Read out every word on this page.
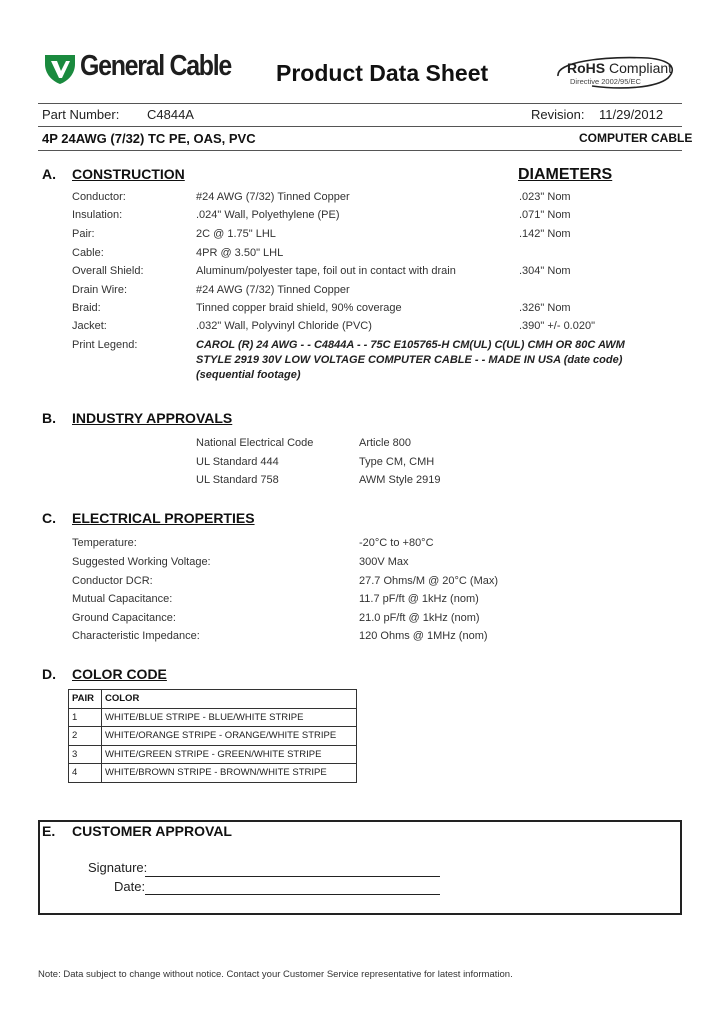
General Cable Product Data Sheet	RoHS Compliant
Directive 2002/95/EC
Part Number: C4844A	Revision: 11/29/2012
4P 24AWG (7/32) TC PE, OAS, PVC	COMPUTER CABLE
A. CONSTRUCTION	DIAMETERS
Conductor:	#24 AWG (7/32) Tinned Copper	.023" Nom
Insulation:	.024" Wall, Polyethylene (PE)	.071" Nom
Pair:	2C @ 1.75" LHL	.142" Nom
Cable:	4PR @ 3.50" LHL
Overall Shield:	Aluminum/polyester tape, foil out in contact with drain	.304" Nom
Drain Wire:	#24 AWG (7/32) Tinned Copper
Braid:	Tinned copper braid shield, 90% coverage	.326" Nom
Jacket:	.032" Wall, Polyvinyl Chloride (PVC)	.390" +/- 0.020"
Print Legend:	CAROL (R) 24 AWG - - C4844A - - 75C E105765-H CM(UL) C(UL) CMH OR 80C AWM STYLE 2919 30V LOW VOLTAGE COMPUTER CABLE - - MADE IN USA (date code) (sequential footage)
B. INDUSTRY APPROVALS
National Electrical Code	Article 800
UL Standard 444	Type CM, CMH
UL Standard 758	AWM Style 2919
C. ELECTRICAL PROPERTIES
Temperature:	-20°C to +80°C
Suggested Working Voltage:	300V Max
Conductor DCR:	27.7 Ohms/M @ 20°C (Max)
Mutual Capacitance:	11.7 pF/ft @ 1kHz (nom)
Ground Capacitance:	21.0 pF/ft @ 1kHz (nom)
Characteristic Impedance:	120 Ohms @ 1MHz (nom)
D. COLOR CODE
PAIR	COLOR
1	WHITE/BLUE STRIPE - BLUE/WHITE STRIPE
2	WHITE/ORANGE STRIPE - ORANGE/WHITE STRIPE
3	WHITE/GREEN STRIPE - GREEN/WHITE STRIPE
4	WHITE/BROWN STRIPE - BROWN/WHITE STRIPE
E. CUSTOMER APPROVAL
Signature:
Date:
Note: Data subject to change without notice. Contact your Customer Service representative for latest information.
